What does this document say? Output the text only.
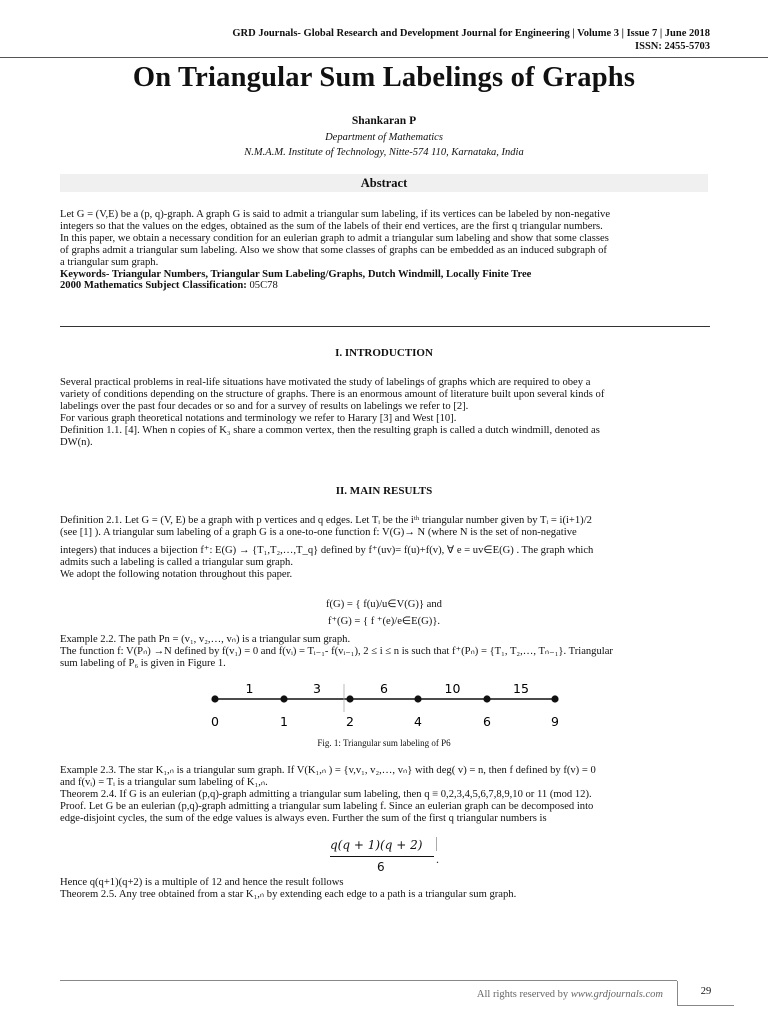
GRD Journals- Global Research and Development Journal for Engineering | Volume 3 | Issue 7 | June 2018
ISSN: 2455-5703
On Triangular Sum Labelings of Graphs
Shankaran P
Department of Mathematics
N.M.A.M. Institute of Technology, Nitte-574 110, Karnataka, India
Abstract
Let G = (V,E) be a (p, q)-graph. A graph G is said to admit a triangular sum labeling, if its vertices can be labeled by non-negative
integers so that the values on the edges, obtained as the sum of the labels of their end vertices, are the first q triangular numbers.
In this paper, we obtain a necessary condition for an eulerian graph to admit a triangular sum labeling and show that some classes
of graphs admit a triangular sum labeling. Also we show that some classes of graphs can be embedded as an induced subgraph of
a triangular sum graph.
Keywords- Triangular Numbers, Triangular Sum Labeling/Graphs, Dutch Windmill, Locally Finite Tree
2000 Mathematics Subject Classification: 05C78
I. INTRODUCTION
Several practical problems in real-life situations have motivated the study of labelings of graphs which are required to obey a
variety of conditions depending on the structure of graphs. There is an enormous amount of literature built upon several kinds of
labelings over the past four decades or so and for a survey of results on labelings we refer to [2].
For various graph theoretical notations and terminology we refer to Harary [3] and West [10].
Definition 1.1. [4]. When n copies of K₃ share a common vertex, then the resulting graph is called a dutch windmill, denoted as
DW(n).
II. MAIN RESULTS
Definition 2.1. Let G = (V, E) be a graph with p vertices and q edges. Let Tᵢ be the iᵗʰ triangular number given by Tᵢ = i(i+1)/2
(see [1] ). A triangular sum labeling of a graph G is a one-to-one function f: V(G)→ N (where N is the set of non-negative
integers) that induces a bijection f⁺: E(G) → {T₁,T₂,…,T_q} defined by f⁺(uv)= f(u)+f(v), ∀ e = uv∈E(G) . The graph which
admits such a labeling is called a triangular sum graph.
We adopt the following notation throughout this paper.
f(G) = { f(u)/u∈V(G)} and
f⁺(G) = { f ⁺(e)/e∈E(G)}.
Example 2.2. The path Pn = (v₁, v₂,…, vₙ) is a triangular sum graph.
The function f: V(Pₙ) →N defined by f(v₁) = 0 and f(vᵢ) = Tᵢ₋₁- f(vᵢ₋₁), 2 ≤ i ≤ n is such that f⁺(Pₙ) = {T₁, T₂,…, Tₙ₋₁}. Triangular
sum labeling of P₆ is given in Figure 1.
0	1	2	4	6	9
1	3	6	10	15
Fig. 1: Triangular sum labeling of P6
Example 2.3. The star K₁,ₙ is a triangular sum graph. If V(K₁,ₙ ) = {v,v₁, v₂,…, vₙ} with deg( v) = n, then f defined by f(v) = 0
and f(vᵢ) = Tᵢ is a triangular sum labeling of K₁,ₙ.
Theorem 2.4. If G is an eulerian (p,q)-graph admitting a triangular sum labeling, then q ≡ 0,2,3,4,5,6,7,8,9,10 or 11 (mod 12).
Proof. Let G be an eulerian (p,q)-graph admitting a triangular sum labeling f. Since an eulerian graph can be decomposed into
edge-disjoint cycles, the sum of the edge values is always even. Further the sum of the first q triangular numbers is
q(q + 1)(q + 2)
6
.
Hence q(q+1)(q+2) is a multiple of 12 and hence the result follows
Theorem 2.5. Any tree obtained from a star K₁,ₙ by extending each edge to a path is a triangular sum graph.
All rights reserved by www.grdjournals.com	29
